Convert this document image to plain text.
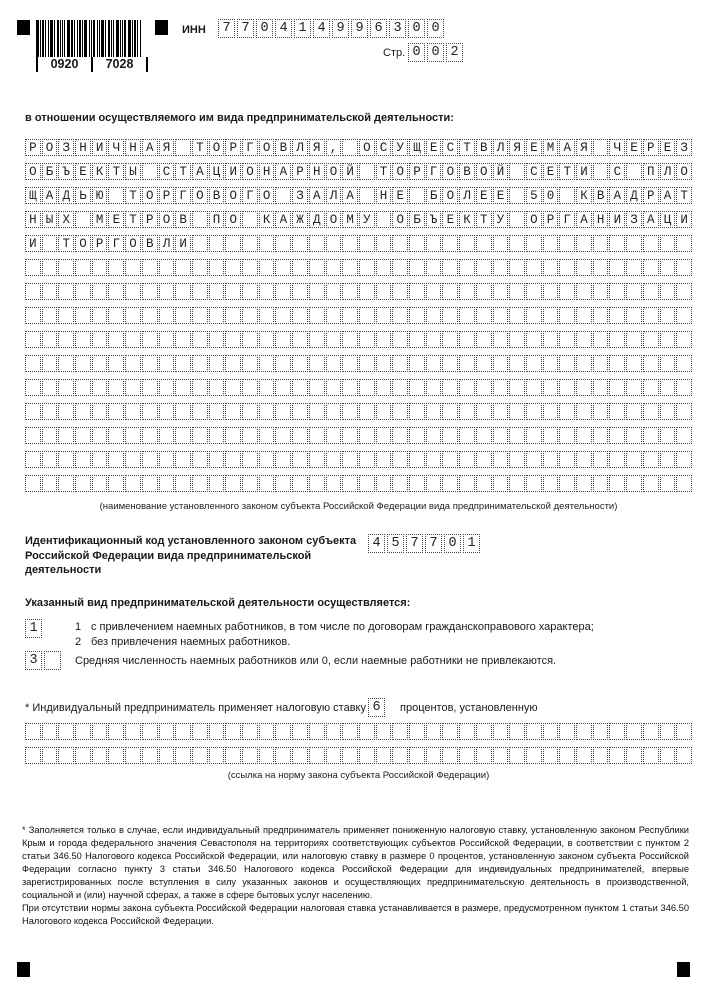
0920	7028
ИНН	7 7 0 4 1 4 9 9 6 3 0 0
Стр. 0 0 2
в отношении осуществляемого им вида предпринимательской деятельности:
Р О З Н И Ч Н А Я	Т О Р Г О В Л Я ,	О С У Щ Е С Т В Л Я Е М А Я	Ч Е Р Е З
О Б Ъ Е К Т Ы	С Т А Ц И О Н А Р Н О Й	Т О Р Г О В О Й	С Е Т И	С	П Л О
Щ А Д Ь Ю	Т О Р Г О В О Г О	З А Л А	Н Е	Б О Л Е Е	5 0	К В А Д Р А Т
Н Ы Х	М Е Т Р О В	П О	К А Ж Д О М У	О Б Ъ Е К Т У	О Р Г А Н И З А Ц И
И	Т О Р Г О В Л И
(наименование установленного законом субъекта Российской Федерации вида предпринимательской деятельности)
Идентификационный код установленного законом субъекта
Российской Федерации вида предпринимательской деятельности
4 5 7 7 0 1
Указанный вид предпринимательской деятельности осуществляется:
1	1 с привлечением наемных работников, в том числе по договорам гражданскоправового характера;
2 без привлечения наемных работников.
3	Средняя численность наемных работников или 0, если наемные работники не привлекаются.
* Индивидуальный предприниматель применяет налоговую ставку 6	процентов, установленную
(ссылка на норму закона субъекта Российской Федерации)
* Заполняется только в случае, если индивидуальный предприниматель применяет пониженную налоговую ставку, установленную законом Республики Крым и города федерального значения Севастополя на территориях соответствующих субъектов Российской Федерации, в соответствии с пунктом 2 статьи 346.50 Налогового кодекса Российской Федерации, или налоговую ставку в размере 0 процентов, установленную законом субъекта Российской Федерации согласно пункту 3 статьи 346.50 Налогового кодекса Российской Федерации для индивидуальных предпринимателей, впервые зарегистрированных после вступления в силу указанных законов и осуществляющих предпринимательскую деятельность в производственной, социальной и (или) научной сферах, а также в сфере бытовых услуг населению.
При отсутствии нормы закона субъекта Российской Федерации налоговая ставка устанавливается в размере, предусмотренном пунктом 1 статьи 346.50 Налогового кодекса Российской Федерации.
